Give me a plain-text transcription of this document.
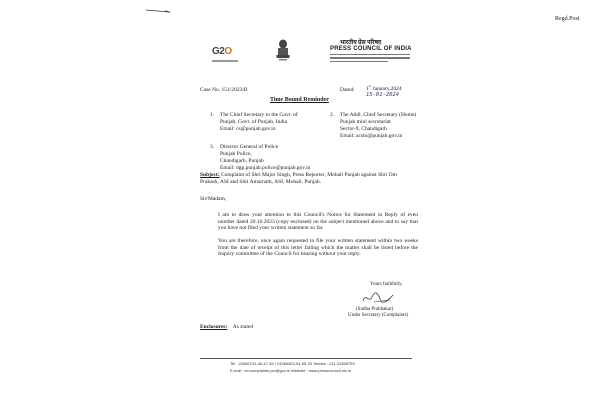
Regd.Post
G2O
भारतीय प्रेस परिषद
PRESS COUNCIL OF INDIA
Case No. 151/2023/B	Dated: 1st January,2024
15-01-2024
Time Bound Reminder
1. The Chief Secretary to the Govt. of
Punjab, Govt. of Punjab, India
Email: cs@punjab.gov.in
2. The Addl. Chief Secretary (Home)
Punjab mini secretariat
Sector-9, Chandigarh
Email: acshi@punjab.gov.in
3. Director General of Police
Punjab Police,
Chandigarh, Punjab
Email: dgp.punjab.police@punjab.gov.in
Subject: Complaint of Shri Major Singh, Press Reporter, Mohali Punjab against Shri Om Prakash, ASI and Shri Amarnath, ASI, Mohali, Punjab.
Sir/Madam,
I am to draw your attention to this Council's Notice for Statement in Reply of even number dated 20.10.2023 (copy enclosed) on the subject mentioned above and to say that you have not filed your written statement so far.
You are therefore, once again requested to file your written statement within two weeks from the date of receipt of this letter failing which the matter shall be listed before the Inquiry committee of the Council for hearing without your reply.
Yours faithfully,
(Sudha Prabhakar)
Under Secretary (Complaints)
Enclosures: As stated
Tel : 24366741-46-47-49 / 24366403-04-05-20 Telefax : 011-24368759
E-mail : ex.complaints-pci@gov.in Website : www.presscouncil.nic.in
